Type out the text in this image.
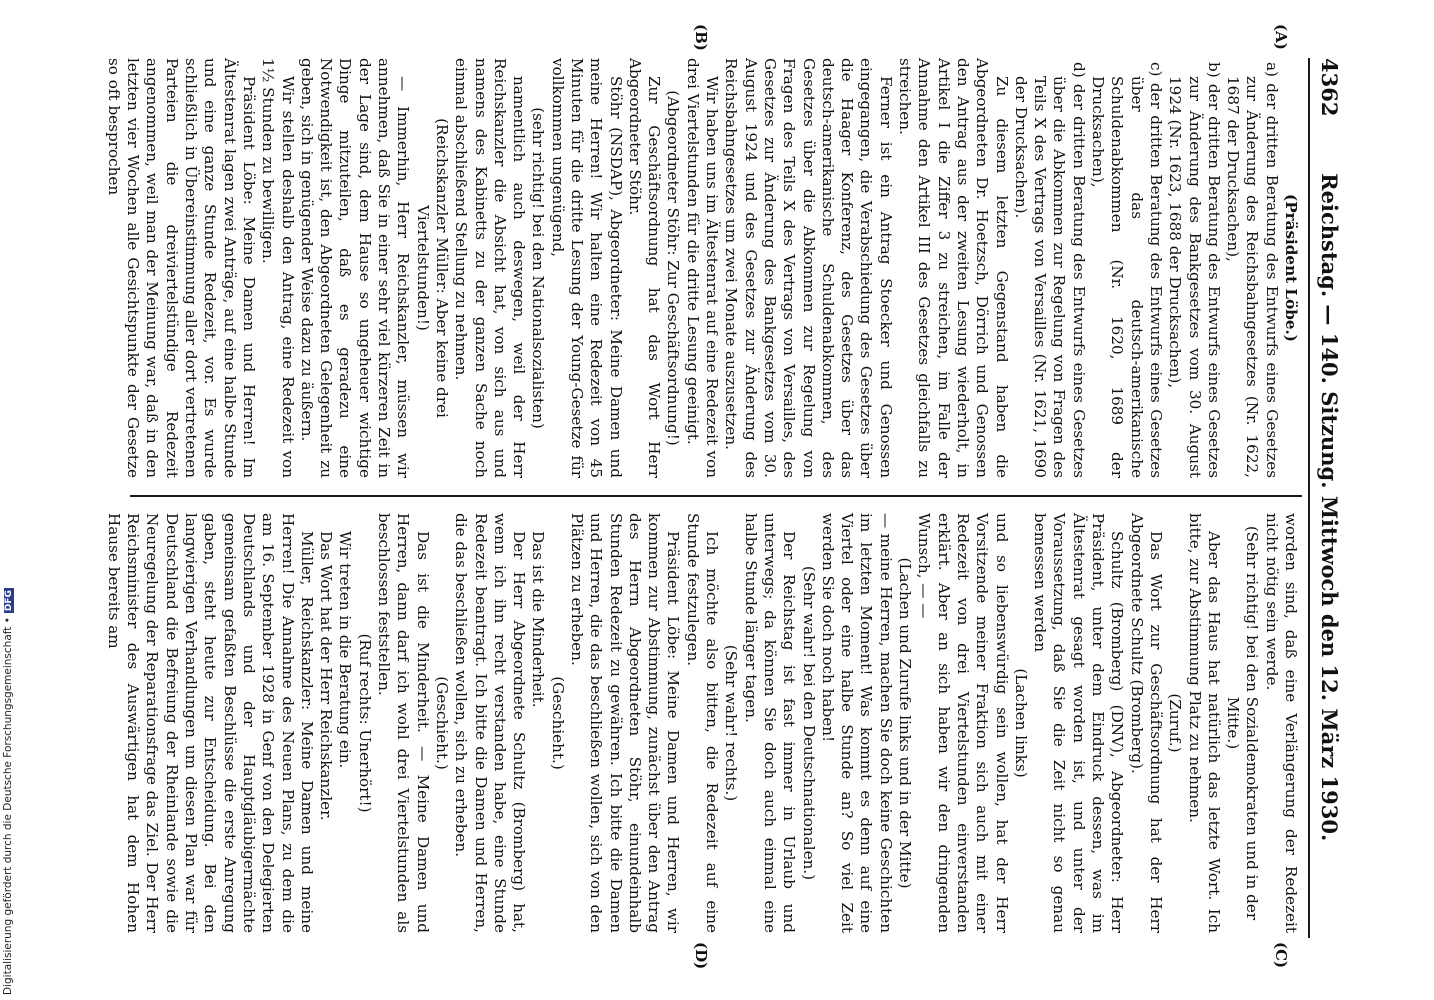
4362
Reichstag. — 140. Sitzung. Mittwoch den 12. März 1930.

(Präsident Löbe.)

a) der dritten Beratung des Entwurfs eines Gesetzes zur Änderung des Reichsbahngesetzes (Nr. 1622, 1687 der Drucksachen),

b) der dritten Beratung des Entwurfs eines Gesetzes zur Änderung des Bankgesetzes vom 30. August 1924 (Nr. 1623, 1688 der Drucksachen),

c) der dritten Beratung des Entwurfs eines Gesetzes über das deutsch-amerikanische Schuldenabkommen (Nr. 1620, 1689 der Drucksachen),

d) der dritten Beratung des Entwurfs eines Gesetzes über die Abkommen zur Regelung von Fragen des Teils X des Vertrags von Versailles (Nr. 1621, 1690 der Drucksachen).

Zu diesem letzten Gegenstand haben die Abgeordneten Dr. Hoetzsch, Dörrich und Genossen den Antrag aus der zweiten Lesung wiederholt, in Artikel I die Ziffer 3 zu streichen, im Falle der Annahme den Artikel III des Gesetzes gleichfalls zu streichen.

Ferner ist ein Antrag Stoecker und Genossen eingegangen, die Verabschiedung des Gesetzes über die Haager Konferenz, des Gesetzes über das deutsch-amerikanische Schuldenabkommen, des Gesetzes über die Abkommen zur Regelung von Fragen des Teils X des Vertrags von Versailles, des Gesetzes zur Änderung des Bankgesetzes vom 30. August 1924 und des Gesetzes zur Änderung des Reichsbahngesetzes um zwei Monate auszusetzen.

Wir haben uns im Ältestenrat auf eine Redezeit von drei Viertelstunden für die dritte Lesung geeinigt.

(Abgeordneter Stöhr: Zur Geschäftsordnung!)

Zur Geschäftsordnung hat das Wort Herr Abgeordneter Stöhr.

Stöhr (NSDAP), Abgeordneter: Meine Damen und meine Herren! Wir halten eine Redezeit von 45 Minuten für die dritte Lesung der Young-Gesetze für vollkommen ungenügend,

(sehr richtig! bei den Nationalsozialisten)

namentlich auch deswegen, weil der Herr Reichskanzler die Absicht hat, von sich aus und namens des Kabinetts zu der ganzen Sache noch einmal abschließend Stellung zu nehmen.

(Reichskanzler Müller: Aber keine drei Viertelstunden!)

— Immerhin, Herr Reichskanzler, müssen wir annehmen, daß Sie in einer sehr viel kürzeren Zeit in der Lage sind, dem Hause so ungeheuer wichtige Dinge mitzuteilen, daß es geradezu eine Notwendigkeit ist, den Abgeordneten Gelegenheit zu geben, sich in genügender Weise dazu zu äußern.

Wir stellen deshalb den Antrag, eine Redezeit von 1½ Stunden zu bewilligen.

Präsident Löbe: Meine Damen und Herren! Im Ältestenrat lagen zwei Anträge, auf eine halbe Stunde und eine ganze Stunde Redezeit, vor. Es wurde schließlich in Übereinstimmung aller dort vertretenen Parteien die dreiviertelstündige Redezeit angenommen, weil man der Meinung war, daß in den letzten vier Wochen alle Gesichtspunkte der Gesetze so oft besprochen

worden sind, daß eine Verlängerung der Redezeit nicht nötig sein werde.

(Sehr richtig! bei den Sozialdemokraten und in der Mitte.)

Aber das Haus hat natürlich das letzte Wort. Ich bitte, zur Abstimmung Platz zu nehmen.

(Zuruf.)

Das Wort zur Geschäftsordnung hat der Herr Abgeordnete Schultz (Bromberg).

Schultz (Bromberg) (DNV), Abgeordneter: Herr Präsident, unter dem Eindruck dessen, was im Ältestenrat gesagt worden ist, und unter der Voraussetzung, daß Sie die Zeit nicht so genau bemessen werden

(Lachen links)

und so liebenswürdig sein wollen, hat der Herr Vorsitzende meiner Fraktion sich auch mit einer Redezeit von drei Viertelstunden einverstanden erklärt. Aber an sich haben wir den dringenden Wunsch, — —

(Lachen und Zurufe links und in der Mitte)

— meine Herren, machen Sie doch keine Geschichten im letzten Moment! Was kommt es denn auf eine Viertel oder eine halbe Stunde an? So viel Zeit werden Sie doch noch haben!

(Sehr wahr! bei den Deutschnationalen.)

Der Reichstag ist fast immer in Urlaub und unterwegs; da können Sie doch auch einmal eine halbe Stunde länger tagen.

(Sehr wahr! rechts.)

Ich möchte also bitten, die Redezeit auf eine Stunde festzulegen.

Präsident Löbe: Meine Damen und Herren, wir kommen zur Abstimmung, zunächst über den Antrag des Herrn Abgeordneten Stöhr, einundeinhalb Stunden Redezeit zu gewähren. Ich bitte die Damen und Herren, die das beschließen wollen, sich von den Plätzen zu erheben.

(Geschieht.)

Das ist die Minderheit.

Der Herr Abgeordnete Schultz (Bromberg) hat, wenn ich ihn recht verstanden habe, eine Stunde Redezeit beantragt. Ich bitte die Damen und Herren, die das beschließen wollen, sich zu erheben.

(Geschieht.)

Das ist die Minderheit. — Meine Damen und Herren, dann darf ich wohl drei Viertelstunden als beschlossen feststellen.

(Ruf rechts: Unerhört!)

Wir treten in die Beratung ein.

Das Wort hat der Herr Reichskanzler.

Müller, Reichskanzler: Meine Damen und meine Herren! Die Annahme des Neuen Plans, zu dem die am 16. September 1928 in Genf von den Delegierten Deutschlands und der Hauptgläubigermächte gemeinsam gefaßten Beschlüsse die erste Anregung gaben, steht heute zur Entscheidung. Bei den langwierigen Verhandlungen um diesen Plan war für Deutschland die Befreiung der Rheinlande sowie die Neuregelung der Reparationsfrage das Ziel. Der Herr Reichsminister des Auswärtigen hat dem Hohen Hause bereits am

(A)
(B)
(C)
(D)
Digitalisierung gefördert durch die Deutsche Forschungsgemeinschaft •DFG
